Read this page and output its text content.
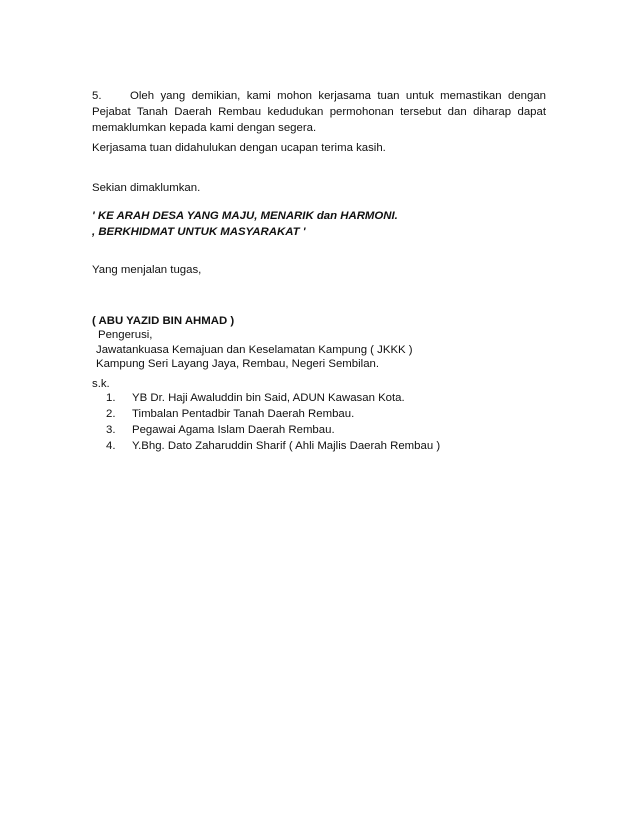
5.	Oleh yang demikian, kami mohon kerjasama tuan untuk memastikan dengan Pejabat Tanah Daerah Rembau kedudukan permohonan tersebut dan diharap dapat memaklumkan kepada kami dengan segera.
Kerjasama tuan didahulukan dengan ucapan terima kasih.
Sekian dimaklumkan.
' KE ARAH DESA YANG MAJU, MENARIK dan HARMONI.
, BERKHIDMAT UNTUK MASYARAKAT '
Yang menjalan tugas,
( ABU YAZID BIN AHMAD )
Pengerusi,
Jawatankuasa Kemajuan dan Keselamatan Kampung ( JKKK )
Kampung Seri Layang Jaya, Rembau, Negeri Sembilan.
s.k.
1. YB Dr. Haji Awaluddin bin Said, ADUN Kawasan Kota.
2. Timbalan Pentadbir Tanah Daerah Rembau.
3. Pegawai Agama Islam Daerah Rembau.
4. Y.Bhg. Dato Zaharuddin Sharif ( Ahli Majlis Daerah Rembau )
